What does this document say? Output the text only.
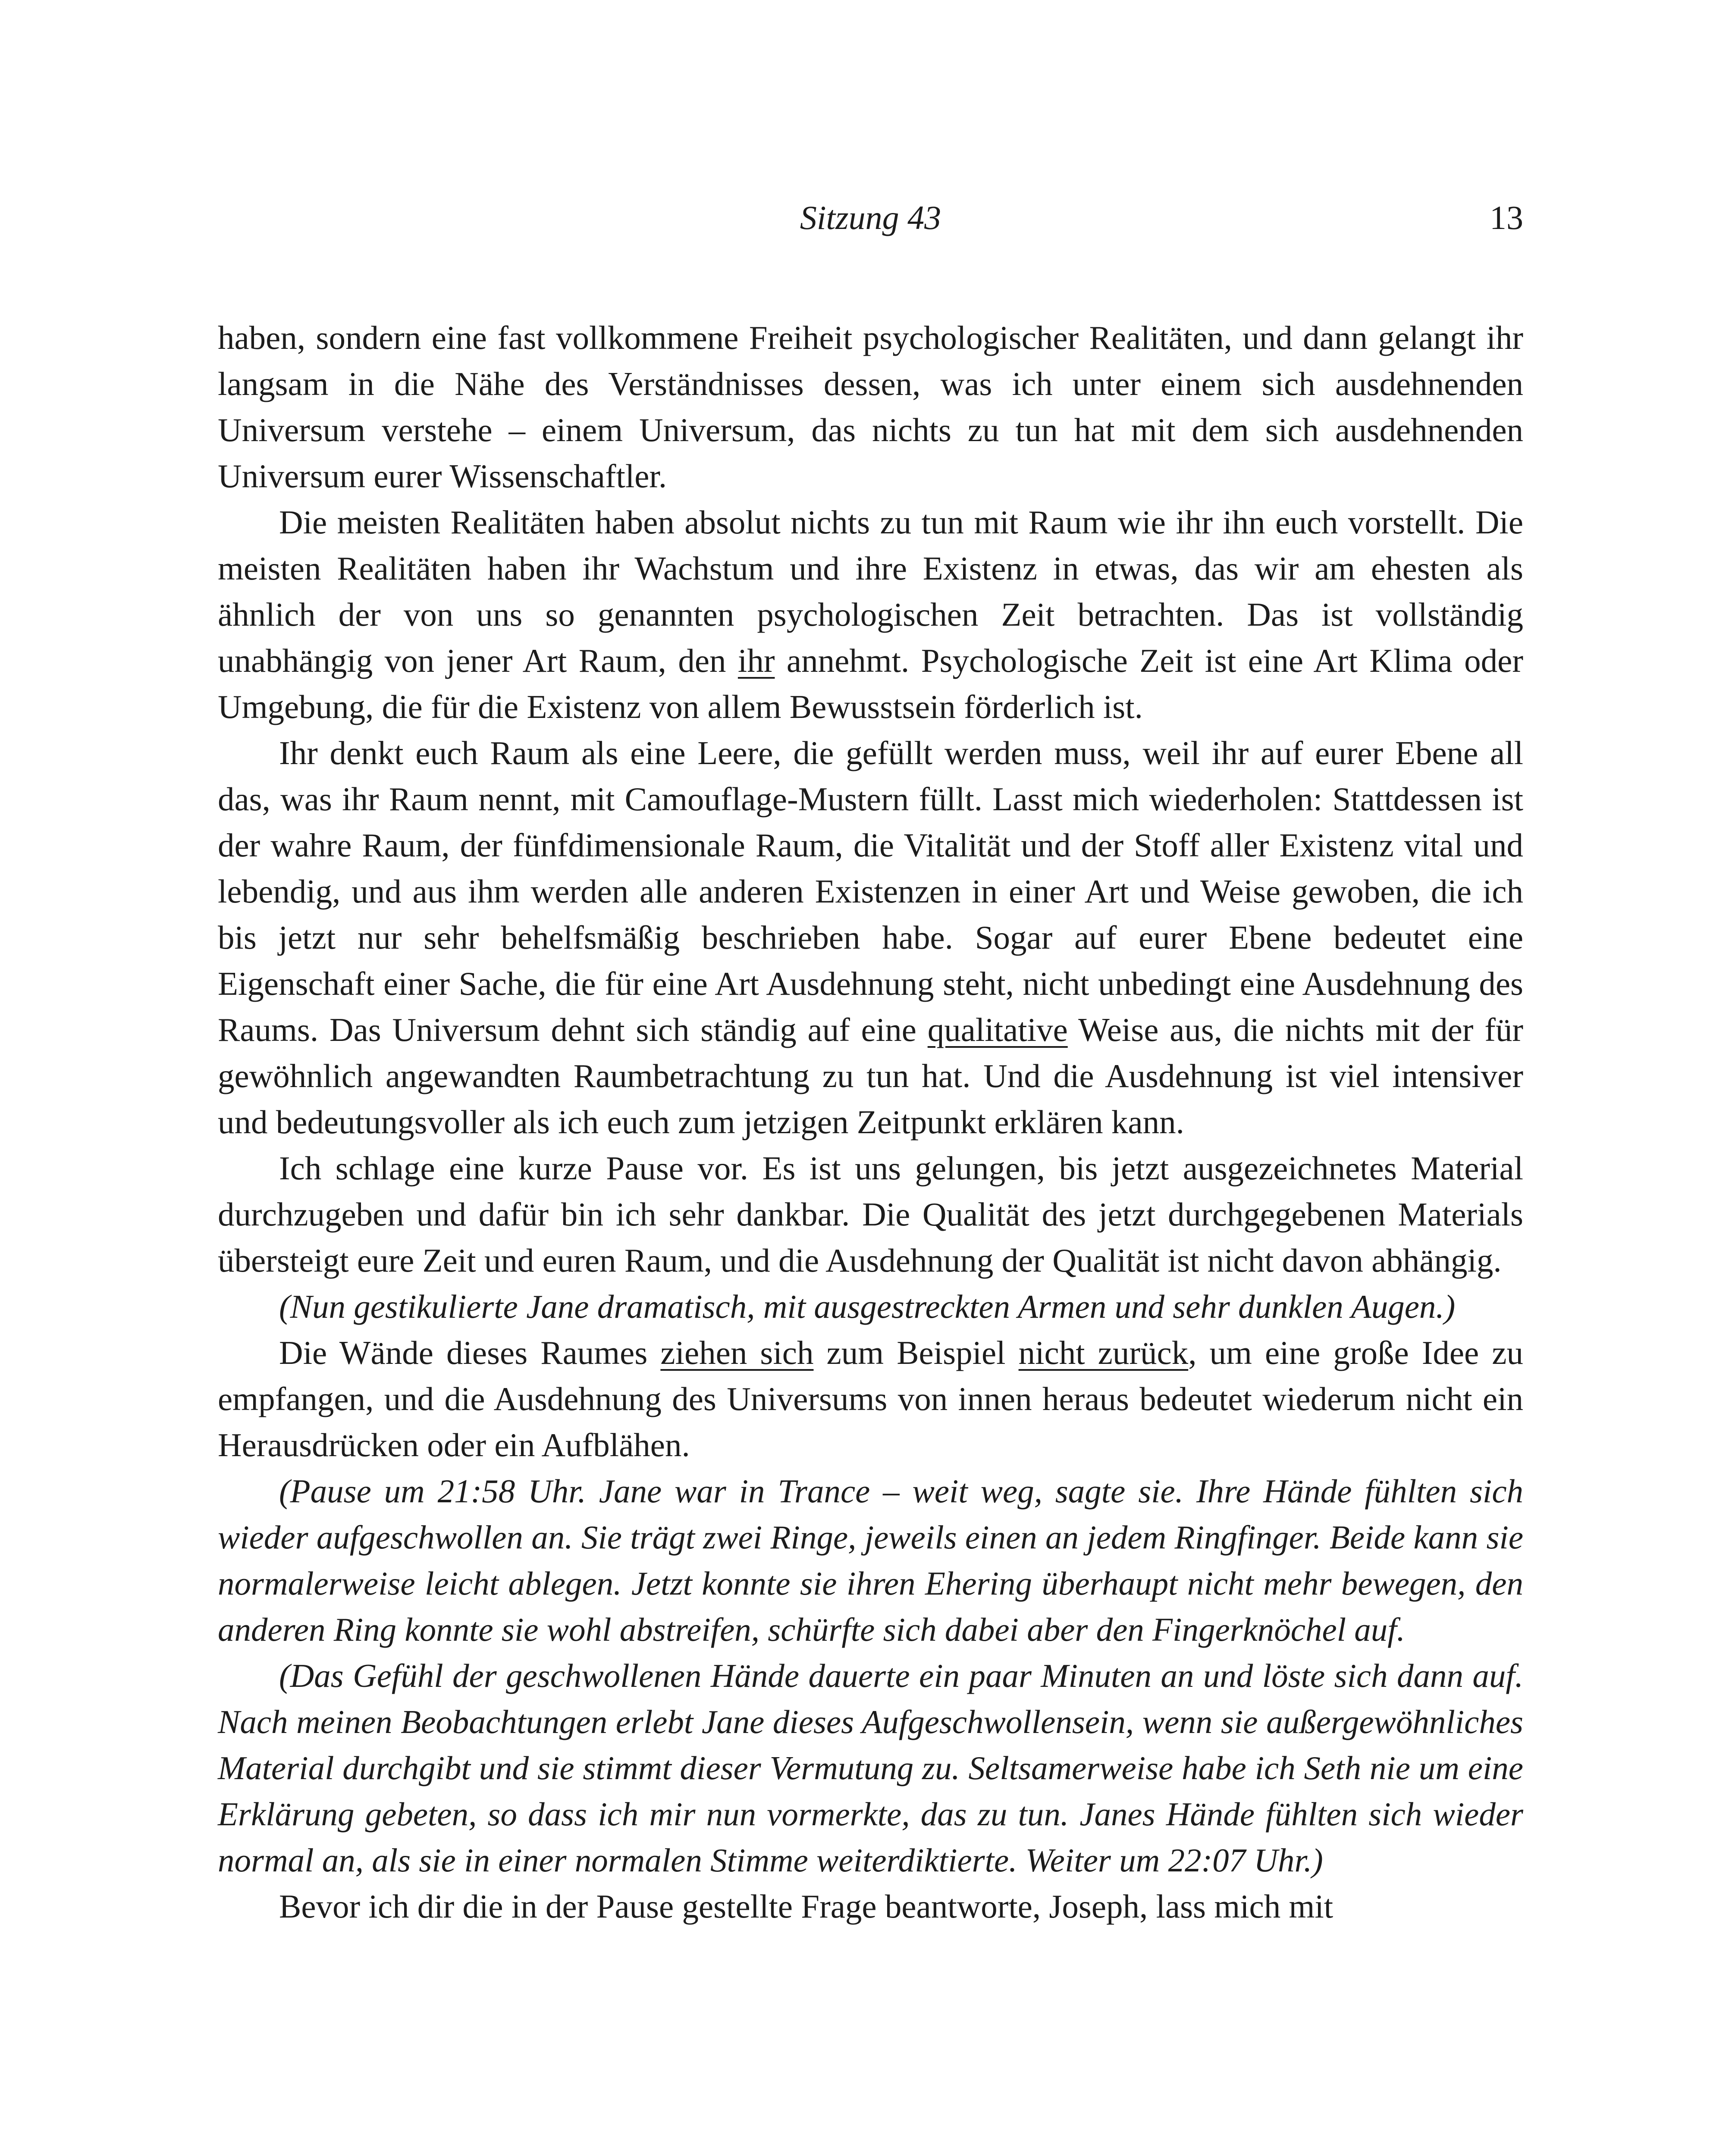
Sitzung 43	13

haben, sondern eine fast vollkommene Freiheit psychologischer Realitäten, und dann gelangt ihr langsam in die Nähe des Verständnisses dessen, was ich unter einem sich ausdehnenden Universum verstehe – einem Universum, das nichts zu tun hat mit dem sich ausdehnenden Universum eurer Wissenschaftler.

Die meisten Realitäten haben absolut nichts zu tun mit Raum wie ihr ihn euch vorstellt. Die meisten Realitäten haben ihr Wachstum und ihre Existenz in etwas, das wir am ehesten als ähnlich der von uns so genannten psychologischen Zeit betrachten. Das ist vollständig unabhängig von jener Art Raum, den ihr annehmt. Psychologische Zeit ist eine Art Klima oder Umgebung, die für die Existenz von allem Bewusstsein förderlich ist.

Ihr denkt euch Raum als eine Leere, die gefüllt werden muss, weil ihr auf eurer Ebene all das, was ihr Raum nennt, mit Camouflage-Mustern füllt. Lasst mich wiederholen: Stattdessen ist der wahre Raum, der fünfdimensionale Raum, die Vitalität und der Stoff aller Existenz vital und lebendig, und aus ihm werden alle anderen Existenzen in einer Art und Weise gewoben, die ich bis jetzt nur sehr behelfsmäßig beschrieben habe. Sogar auf eurer Ebene bedeutet eine Eigenschaft einer Sache, die für eine Art Ausdehnung steht, nicht unbedingt eine Ausdehnung des Raums. Das Universum dehnt sich ständig auf eine qualitative Weise aus, die nichts mit der für gewöhnlich angewandten Raumbetrachtung zu tun hat. Und die Ausdehnung ist viel intensiver und bedeutungsvoller als ich euch zum jetzigen Zeitpunkt erklären kann.

Ich schlage eine kurze Pause vor. Es ist uns gelungen, bis jetzt ausgezeichnetes Material durchzugeben und dafür bin ich sehr dankbar. Die Qualität des jetzt durchgegebenen Materials übersteigt eure Zeit und euren Raum, und die Ausdehnung der Qualität ist nicht davon abhängig.

(Nun gestikulierte Jane dramatisch, mit ausgestreckten Armen und sehr dunklen Augen.)

Die Wände dieses Raumes ziehen sich zum Beispiel nicht zurück, um eine große Idee zu empfangen, und die Ausdehnung des Universums von innen heraus bedeutet wiederum nicht ein Herausdrücken oder ein Aufblähen.

(Pause um 21:58 Uhr. Jane war in Trance – weit weg, sagte sie. Ihre Hände fühlten sich wieder aufgeschwollen an. Sie trägt zwei Ringe, jeweils einen an jedem Ringfinger. Beide kann sie normalerweise leicht ablegen. Jetzt konnte sie ihren Ehering überhaupt nicht mehr bewegen, den anderen Ring konnte sie wohl abstreifen, schürfte sich dabei aber den Fingerknöchel auf.

(Das Gefühl der geschwollenen Hände dauerte ein paar Minuten an und löste sich dann auf. Nach meinen Beobachtungen erlebt Jane dieses Aufgeschwollensein, wenn sie außergewöhnliches Material durchgibt und sie stimmt dieser Vermutung zu. Seltsamerweise habe ich Seth nie um eine Erklärung gebeten, so dass ich mir nun vormerkte, das zu tun. Janes Hände fühlten sich wieder normal an, als sie in einer normalen Stimme weiterdiktierte. Weiter um 22:07 Uhr.)

Bevor ich dir die in der Pause gestellte Frage beantworte, Joseph, lass mich mit
